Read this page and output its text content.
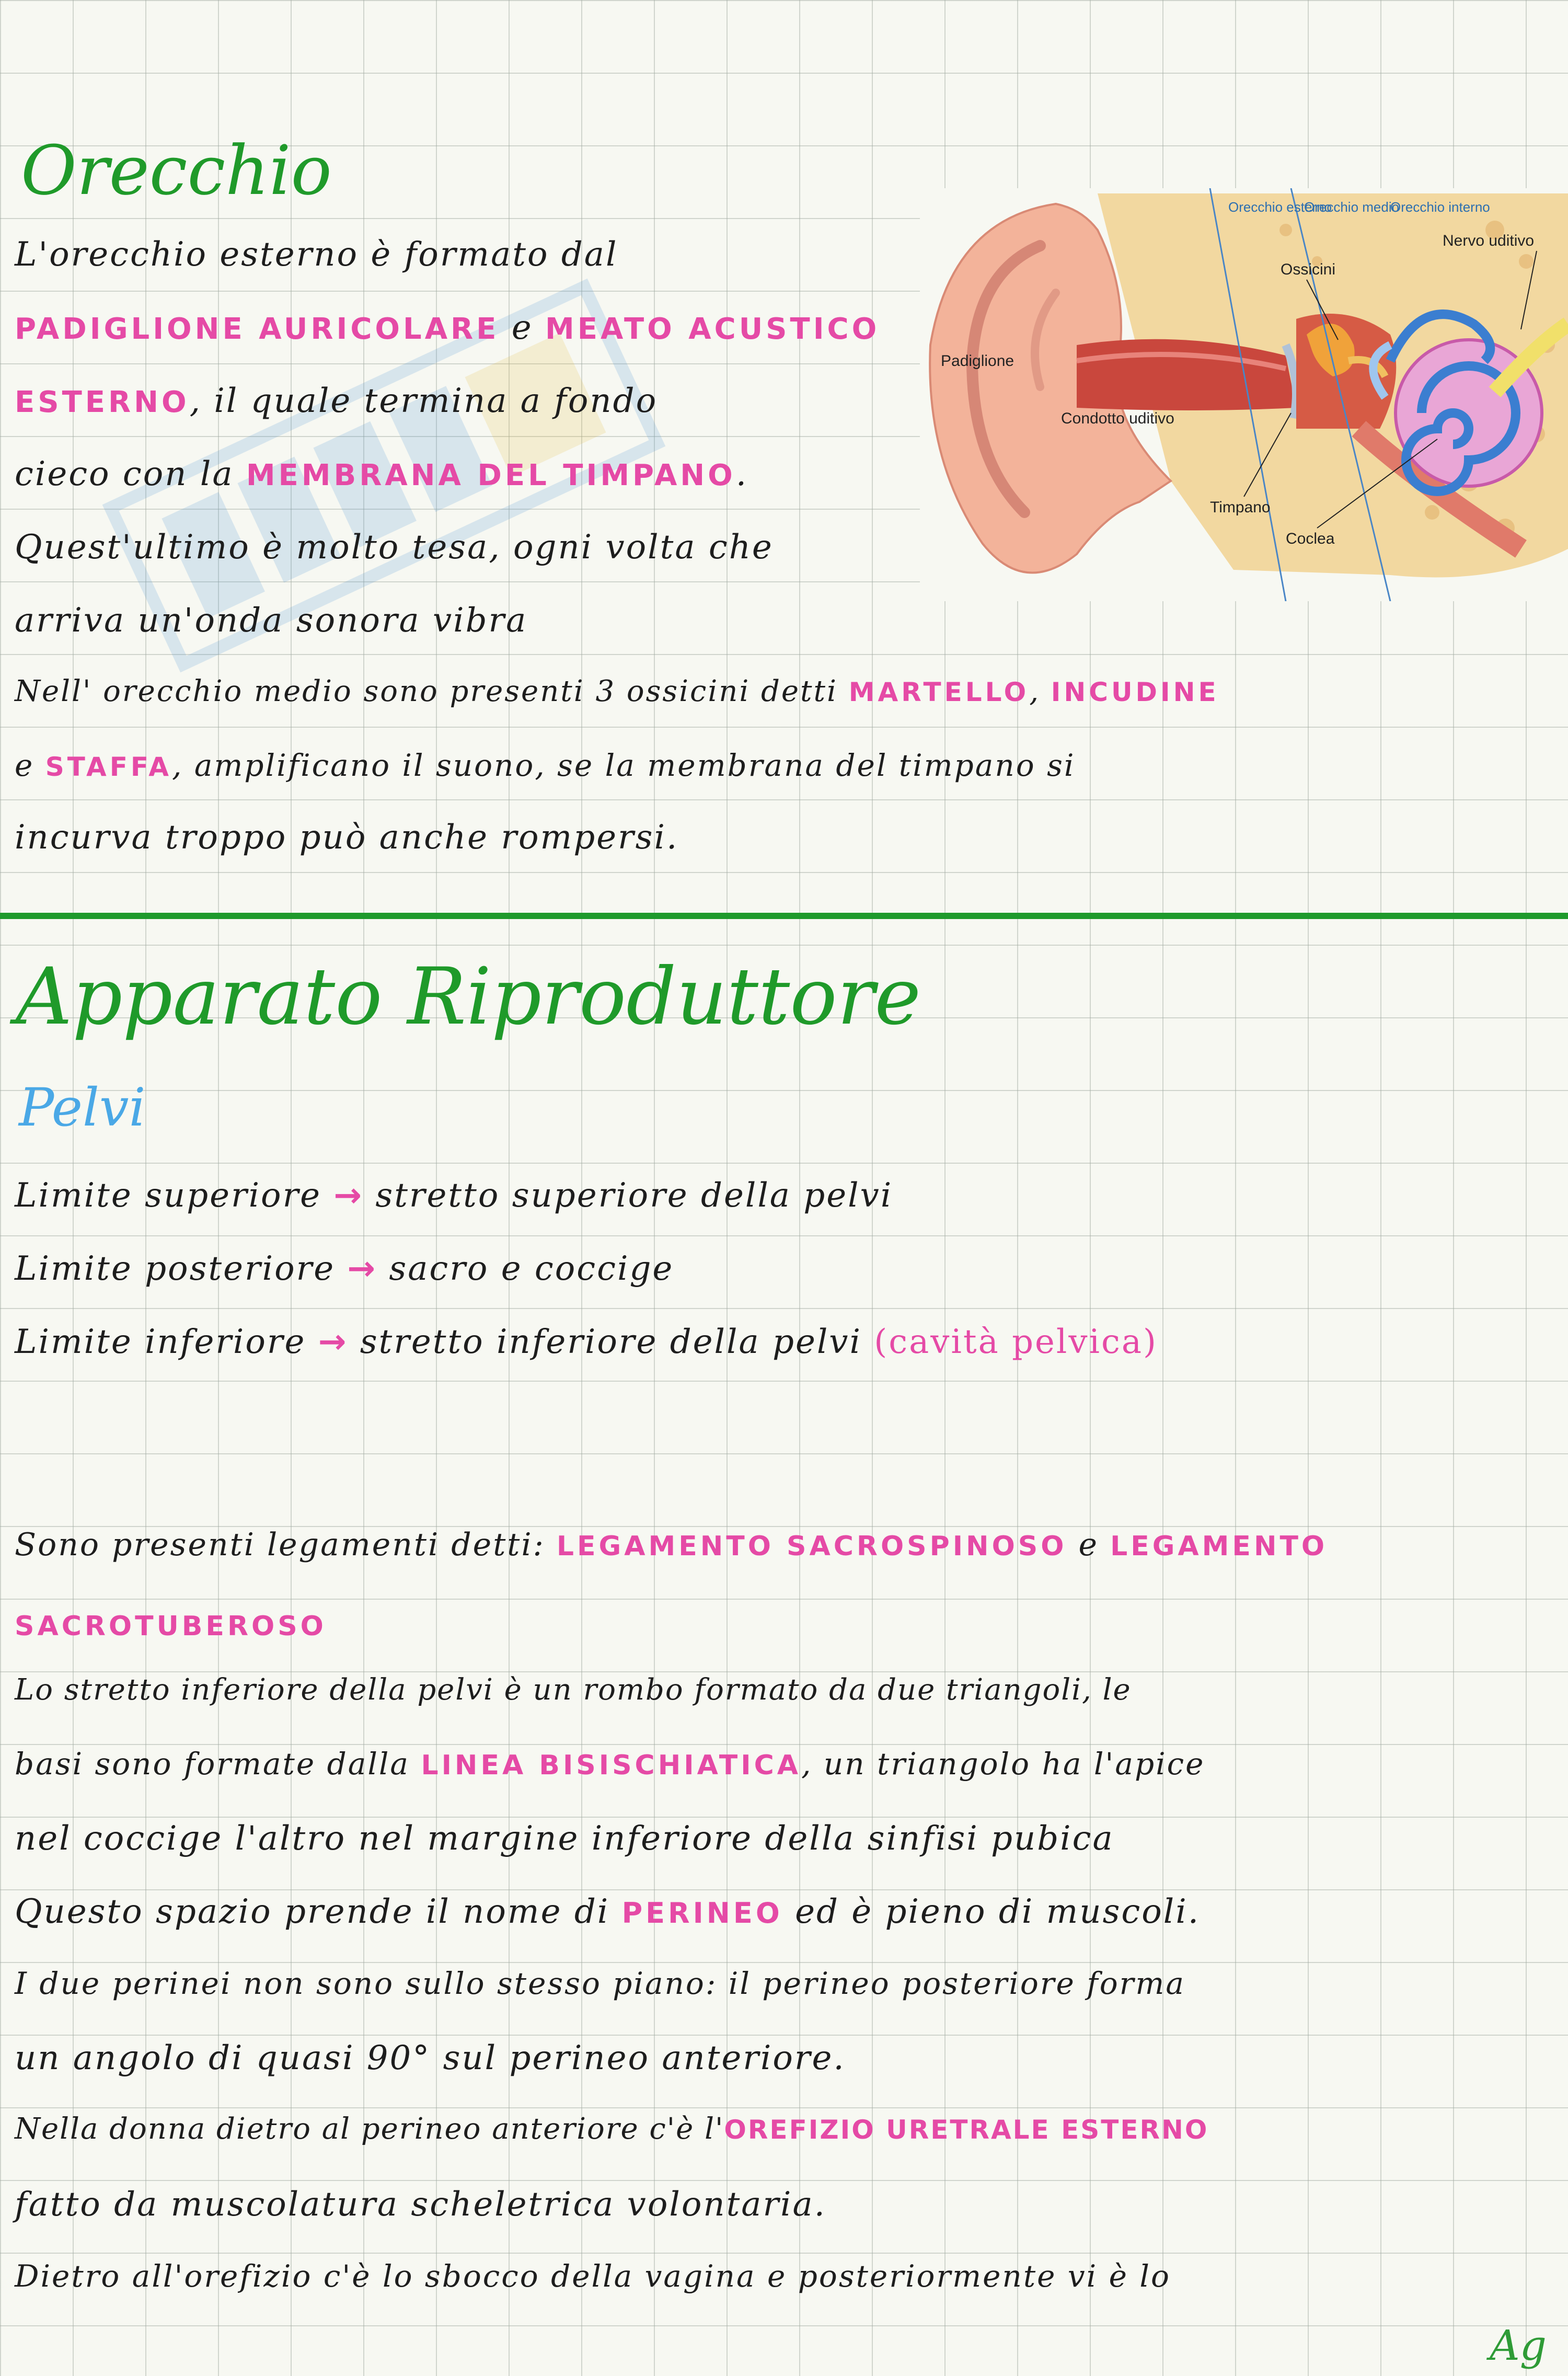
Orecchio
L'orecchio esterno è formato dal
PADIGLIONE AURICOLARE e MEATO ACUSTICO
ESTERNO, il quale termina a fondo
cieco con la MEMBRANA DEL TIMPANO.
Quest'ultimo è molto tesa, ogni volta che
arriva un'onda sonora vibra
Nell' orecchio medio sono presenti 3 ossicini detti MARTELLO, INCUDINE
e STAFFA, amplificano il suono, se la membrana del timpano si
incurva troppo può anche rompersi.
Orecchio esterno
Orecchio medio
Orecchio interno
Nervo uditivo
Ossicini
Padiglione
Condotto uditivo
Timpano
Coclea
Apparato Riproduttore
Pelvi
Limite superiore → stretto superiore della pelvi
Limite posteriore → sacro e coccige
Limite inferiore → stretto inferiore della pelvi (cavità pelvica)
Sono presenti legamenti detti: LEGAMENTO SACROSPINOSO e LEGAMENTO
SACROTUBEROSO
Lo stretto inferiore della pelvi è un rombo formato da due triangoli, le
basi sono formate dalla LINEA BISISCHIATICA, un triangolo ha l'apice
nel coccige l'altro nel margine inferiore della sinfisi pubica
Questo spazio prende il nome di PERINEO ed è pieno di muscoli.
I due perinei non sono sullo stesso piano: il perineo posteriore forma
un angolo di quasi 90° sul perineo anteriore.
Nella donna dietro al perineo anteriore c'è l'OREFIZIO URETRALE ESTERNO
fatto da muscolatura scheletrica volontaria.
Dietro all'orefizio c'è lo sbocco della vagina e posteriormente vi è lo
Ag
